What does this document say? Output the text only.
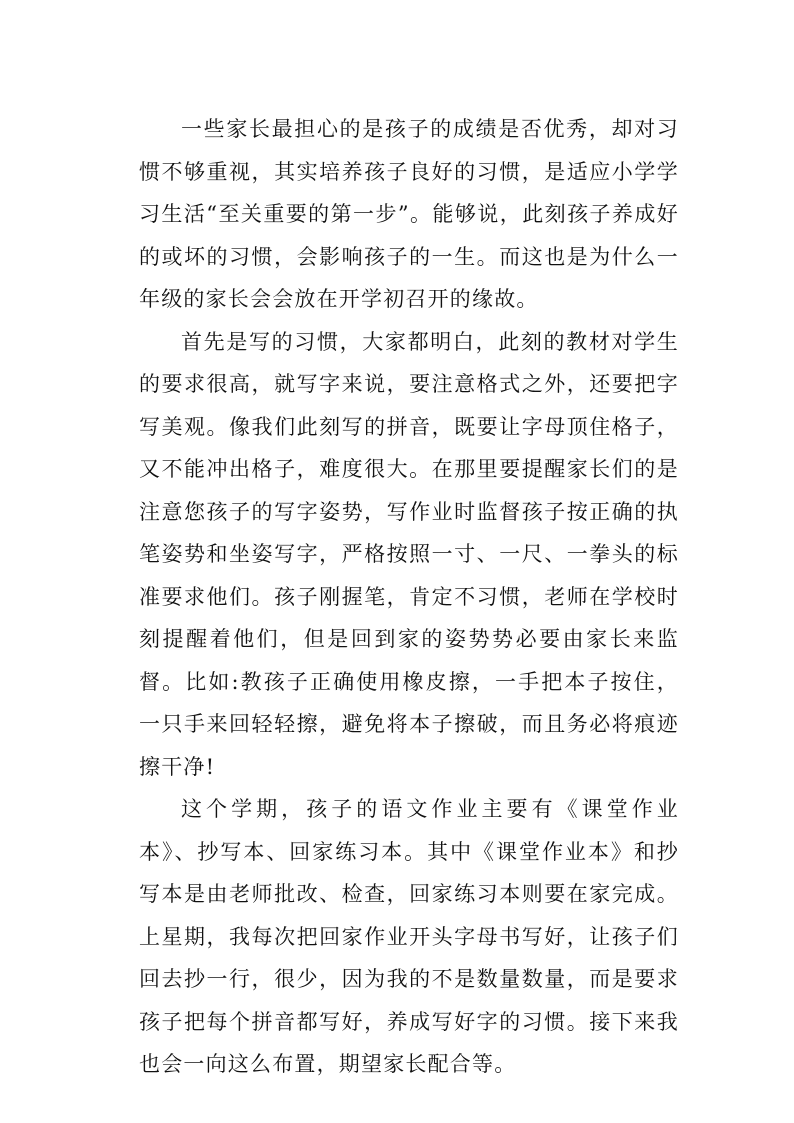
一些家长最担心的是孩子的成绩是否优秀，却对习惯不够重视，其实培养孩子良好的习惯，是适应小学学习生活“至关重要的第一步”。能够说，此刻孩子养成好的或坏的习惯，会影响孩子的一生。而这也是为什么一年级的家长会会放在开学初召开的缘故。

首先是写的习惯，大家都明白，此刻的教材对学生的要求很高，就写字来说，要注意格式之外，还要把字写美观。像我们此刻写的拼音，既要让字母顶住格子，又不能冲出格子，难度很大。在那里要提醒家长们的是注意您孩子的写字姿势，写作业时监督孩子按正确的执笔姿势和坐姿写字，严格按照一寸、一尺、一拳头的标准要求他们。孩子刚握笔，肯定不习惯，老师在学校时刻提醒着他们，但是回到家的姿势势必要由家长来监督。比如:教孩子正确使用橡皮擦，一手把本子按住，一只手来回轻轻擦，避免将本子擦破，而且务必将痕迹擦干净!

这个学期，孩子的语文作业主要有《课堂作业本》、抄写本、回家练习本。其中《课堂作业本》和抄写本是由老师批改、检查，回家练习本则要在家完成。上星期，我每次把回家作业开头字母书写好，让孩子们回去抄一行，很少，因为我的不是数量数量，而是要求孩子把每个拼音都写好，养成写好字的习惯。接下来我也会一向这么布置，期望家长配合等。
